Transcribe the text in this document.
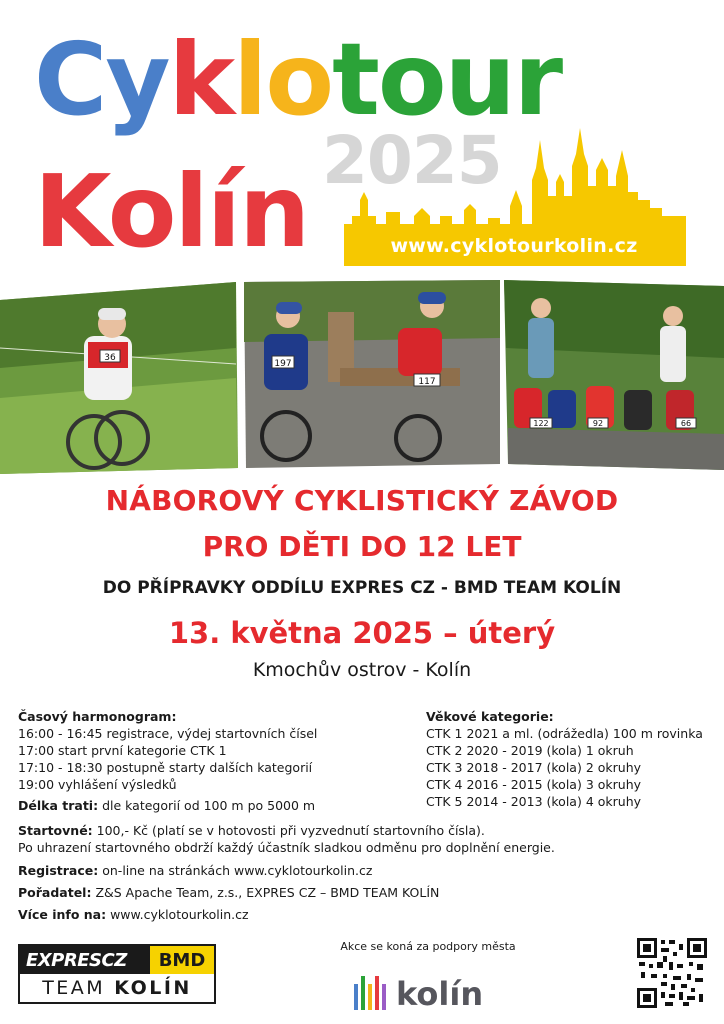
Cyklotour
2025
Kolín	www.cyklotourkolin.cz
36
197
117
122	92	66
NÁBOROVÝ CYKLISTICKÝ ZÁVOD
PRO DĚTI DO 12 LET
DO PŘÍPRAVKY ODDÍLU EXPRES CZ - BMD TEAM KOLÍN
13. května 2025 – úterý
Kmochův ostrov - Kolín
Časový harmonogram:
16:00 - 16:45 registrace, výdej startovních čísel
17:00 start první kategorie CTK 1
17:10 - 18:30 postupně starty dalších kategorií
19:00 vyhlášení výsledků
Věkové kategorie:
CTK 1 2021 a ml. (odrážedla) 100 m rovinka
CTK 2 2020 - 2019 (kola) 1 okruh
CTK 3 2018 - 2017 (kola) 2 okruhy
CTK 4 2016 - 2015 (kola) 3 okruhy
CTK 5 2014 - 2013 (kola) 4 okruhy
Délka trati: dle kategorií od 100 m po 5000 m
Startovné: 100,- Kč (platí se v hotovosti při vyzvednutí startovního čísla).
Po uhrazení startovného obdrží každý účastník sladkou odměnu pro doplnění energie.
Registrace: on-line na stránkách www.cyklotourkolin.cz
Pořadatel: Z&S Apache Team, z.s., EXPRES CZ – BMD TEAM KOLÍN
Více info na: www.cyklotourkolin.cz
EXPRESCZ	BMD
TEAM KOLÍN
Akce se koná za podpory města
kolín
